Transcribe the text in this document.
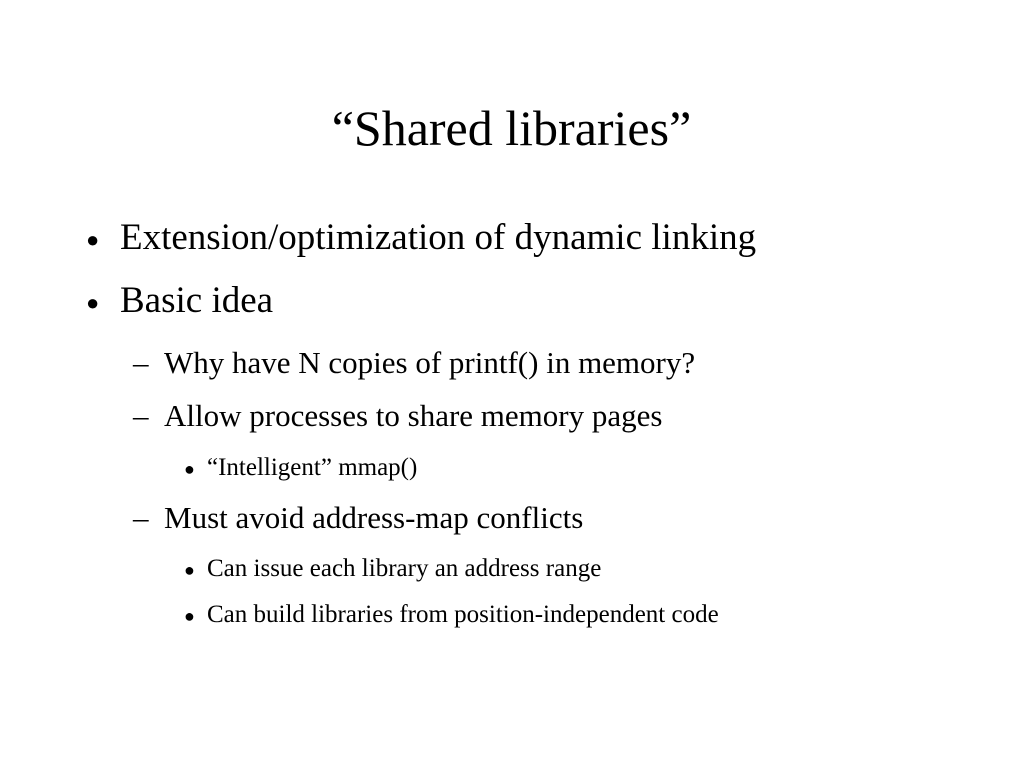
“Shared libraries”
● Extension/optimization of dynamic linking
● Basic idea
– Why have N copies of printf() in memory?
– Allow processes to share memory pages
● “Intelligent” mmap()
– Must avoid address-map conflicts
● Can issue each library an address range
● Can build libraries from position-independent code
